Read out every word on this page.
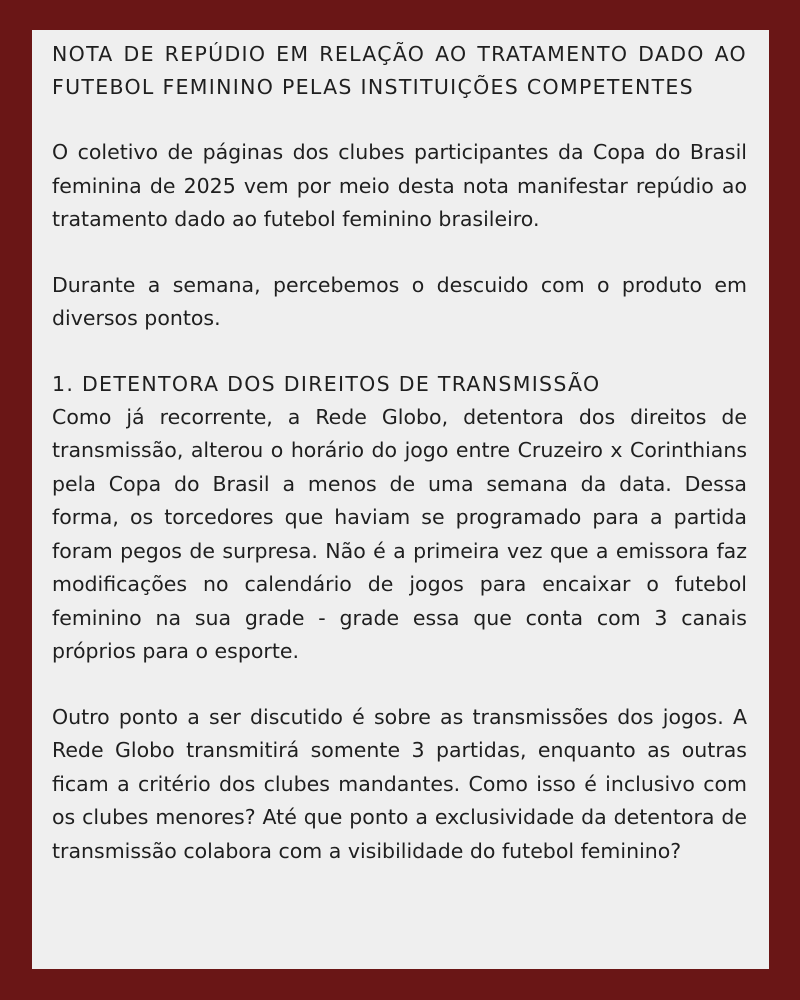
NOTA DE REPÚDIO EM RELAÇÃO AO TRATAMENTO DADO AO FUTEBOL FEMININO PELAS INSTITUIÇÕES COMPETENTES

O coletivo de páginas dos clubes participantes da Copa do Brasil feminina de 2025 vem por meio desta nota manifestar repúdio ao tratamento dado ao futebol feminino brasileiro.

Durante a semana, percebemos o descuido com o produto em diversos pontos.

1. DETENTORA DOS DIREITOS DE TRANSMISSÃO

Como já recorrente, a Rede Globo, detentora dos direitos de transmissão, alterou o horário do jogo entre Cruzeiro x Corinthians pela Copa do Brasil a menos de uma semana da data. Dessa forma, os torcedores que haviam se programado para a partida foram pegos de surpresa. Não é a primeira vez que a emissora faz modificações no calendário de jogos para encaixar o futebol feminino na sua grade - grade essa que conta com 3 canais próprios para o esporte.

Outro ponto a ser discutido é sobre as transmissões dos jogos. A Rede Globo transmitirá somente 3 partidas, enquanto as outras ficam a critério dos clubes mandantes. Como isso é inclusivo com os clubes menores? Até que ponto a exclusividade da detentora de transmissão colabora com a visibilidade do futebol feminino?
